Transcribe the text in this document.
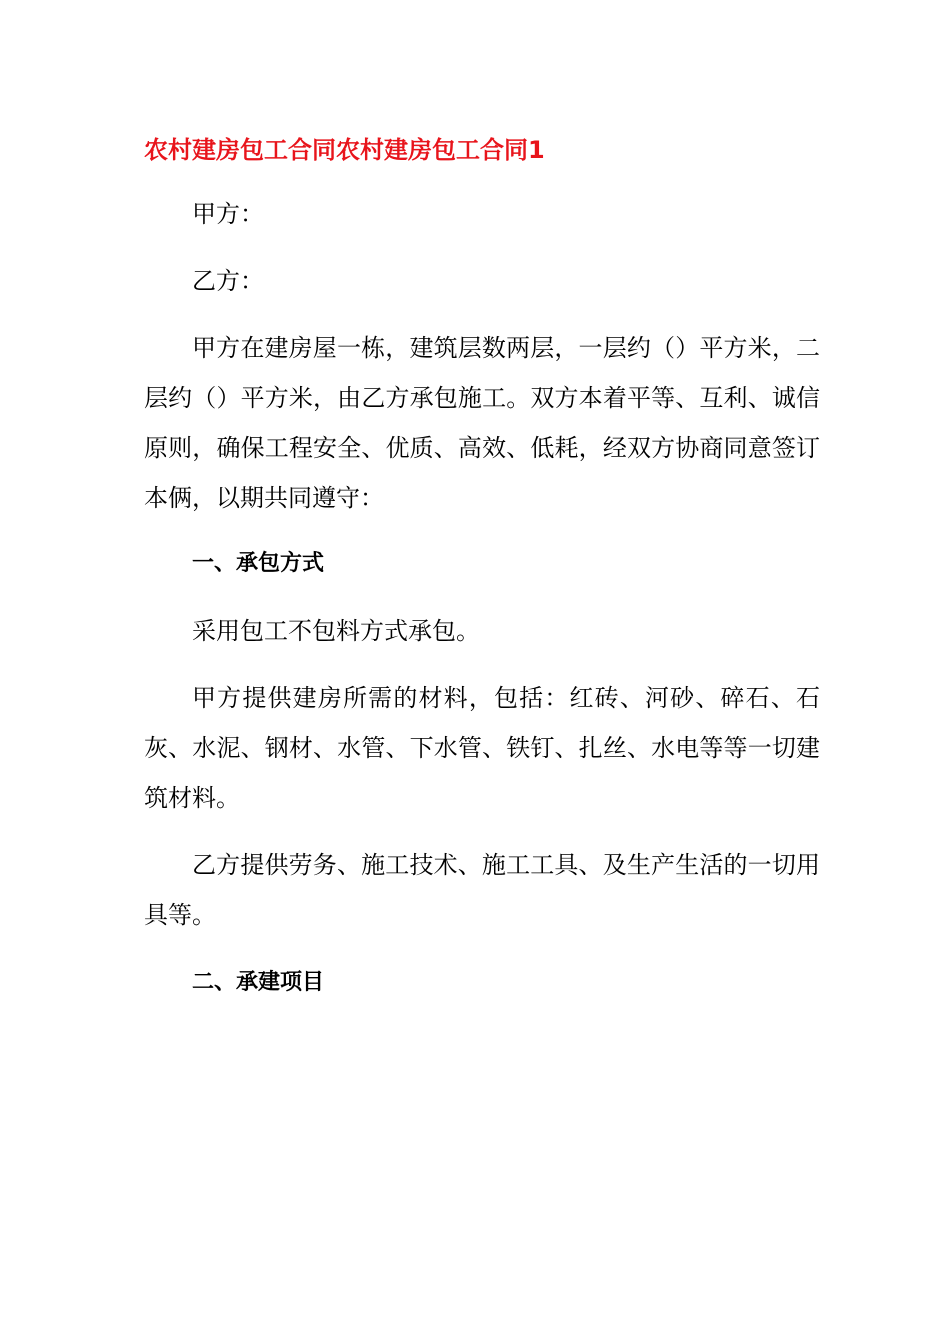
农村建房包工合同农村建房包工合同1

甲方：

乙方：

甲方在建房屋一栋，建筑层数两层，一层约（）平方米，二层约（）平方米，由乙方承包施工。双方本着平等、互利、诚信原则，确保工程安全、优质、高效、低耗，经双方协商同意签订本俩，以期共同遵守：

一、承包方式

采用包工不包料方式承包。

甲方提供建房所需的材料，包括：红砖、河砂、碎石、石灰、水泥、钢材、水管、下水管、铁钉、扎丝、水电等等一切建筑材料。

乙方提供劳务、施工技术、施工工具、及生产生活的一切用具等。

二、承建项目
